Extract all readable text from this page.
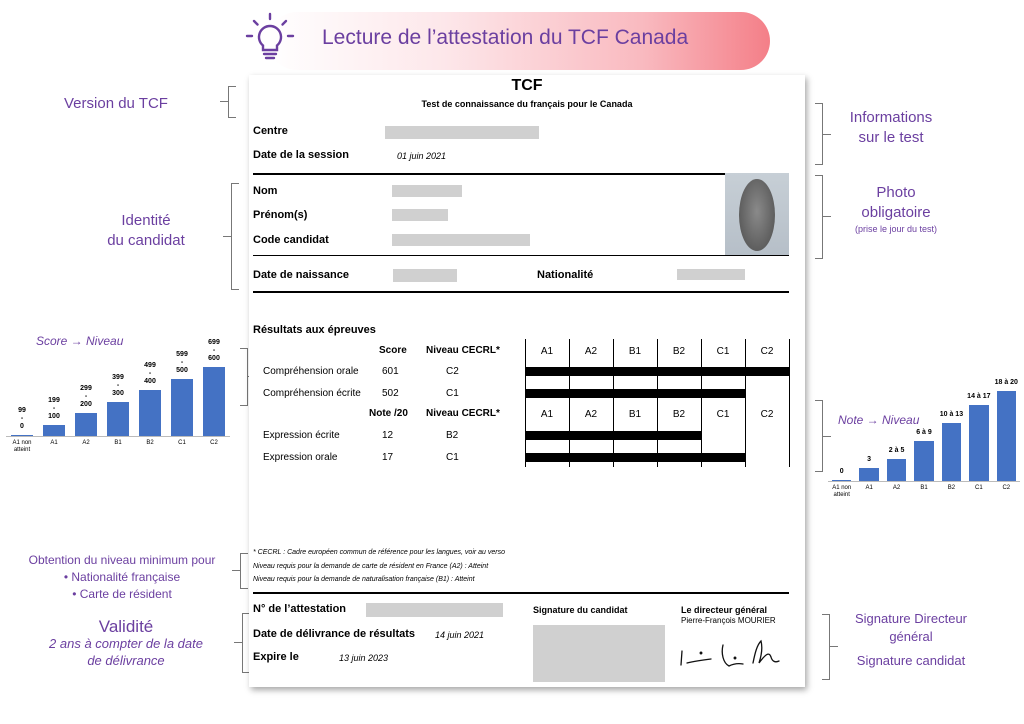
Lecture de l’attestation du TCF Canada
Version du TCF
Identité
du candidat
Score → Niveau
99
-
0
A1 non atteint
199
-
100
A1
299
-
200
A2
399
-
300
B1
499
-
400
B2
599
-
500
C1
699
-
600
C2
Obtention du niveau minimum pour
• Nationalité française
• Carte de résident
Validité
2 ans à compter de la date
de délivrance
Informations
sur le test
Photo
obligatoire
(prise le jour du test)
Note → Niveau
0
A1 non atteint
3
A1
2 à 5
A2
6 à 9
B1
10 à 13
B2
14 à 17
C1
18 à 20
C2
Signature Directeur
général
Signature candidat
TCF
Test de connaissance du français pour le Canada
Centre
Date de la session	01 juin 2021
Nom
Prénom(s)
Code candidat
Date de naissance	Nationalité
Résultats aux épreuves
Score Niveau CECRL*
Note /20 Niveau CECRL*
A1	A2	B1	B2	C1	C2
A1	A2	B1	B2	C1	C2
Compréhension orale 601	C2
Compréhension écrite 502	C1
Expression écrite	12	B2
Expression orale	17	C1
* CECRL : Cadre européen commun de référence pour les langues, voir au verso
Niveau requis pour la demande de carte de résident en France (A2) : Atteint
Niveau requis pour la demande de naturalisation française (B1) : Atteint
N° de l’attestation
Date de délivrance de résultats 14 juin 2021
Expire le	13 juin 2023
Signature du candidat	Le directeur général
Pierre-François MOURIER
